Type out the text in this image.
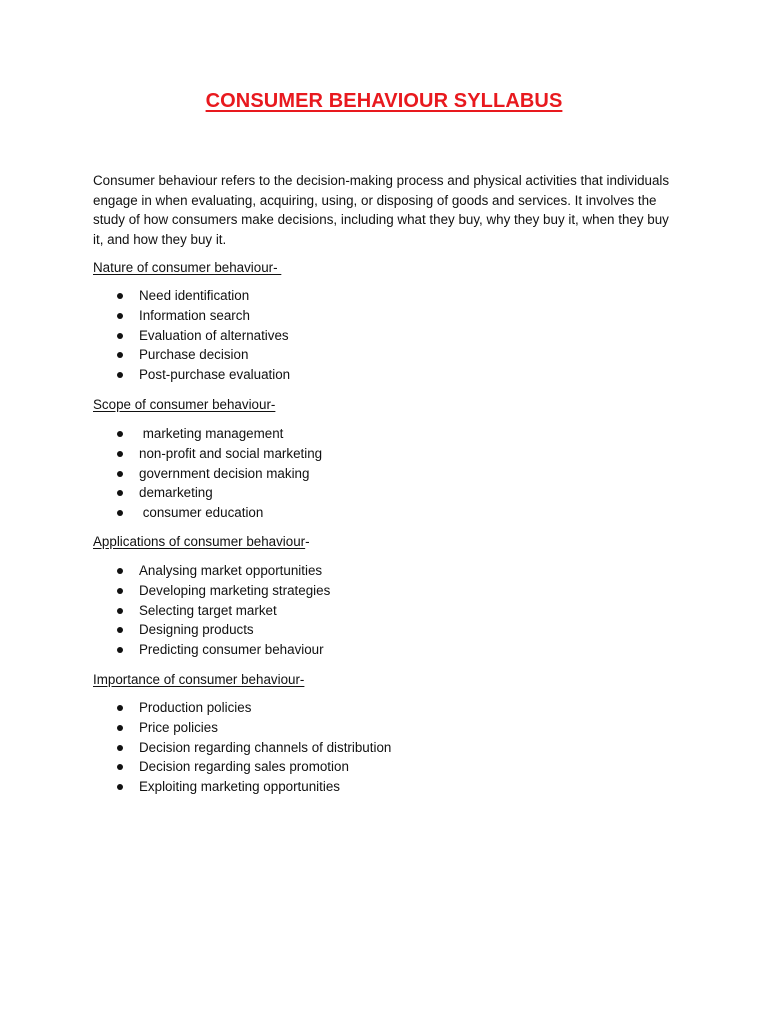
CONSUMER BEHAVIOUR SYLLABUS

Consumer behaviour refers to the decision-making process and physical activities that individuals engage in when evaluating, acquiring, using, or disposing of goods and services. It involves the study of how consumers make decisions, including what they buy, why they buy it, when they buy it, and how they buy it.

Nature of consumer behaviour-

Need identification
Information search
Evaluation of alternatives
Purchase decision
Post-purchase evaluation

Scope of consumer behaviour-

marketing management
non-profit and social marketing
government decision making
demarketing
consumer education

Applications of consumer behaviour-

Analysing market opportunities
Developing marketing strategies
Selecting target market
Designing products
Predicting consumer behaviour

Importance of consumer behaviour-

Production policies
Price policies
Decision regarding channels of distribution
Decision regarding sales promotion
Exploiting marketing opportunities
